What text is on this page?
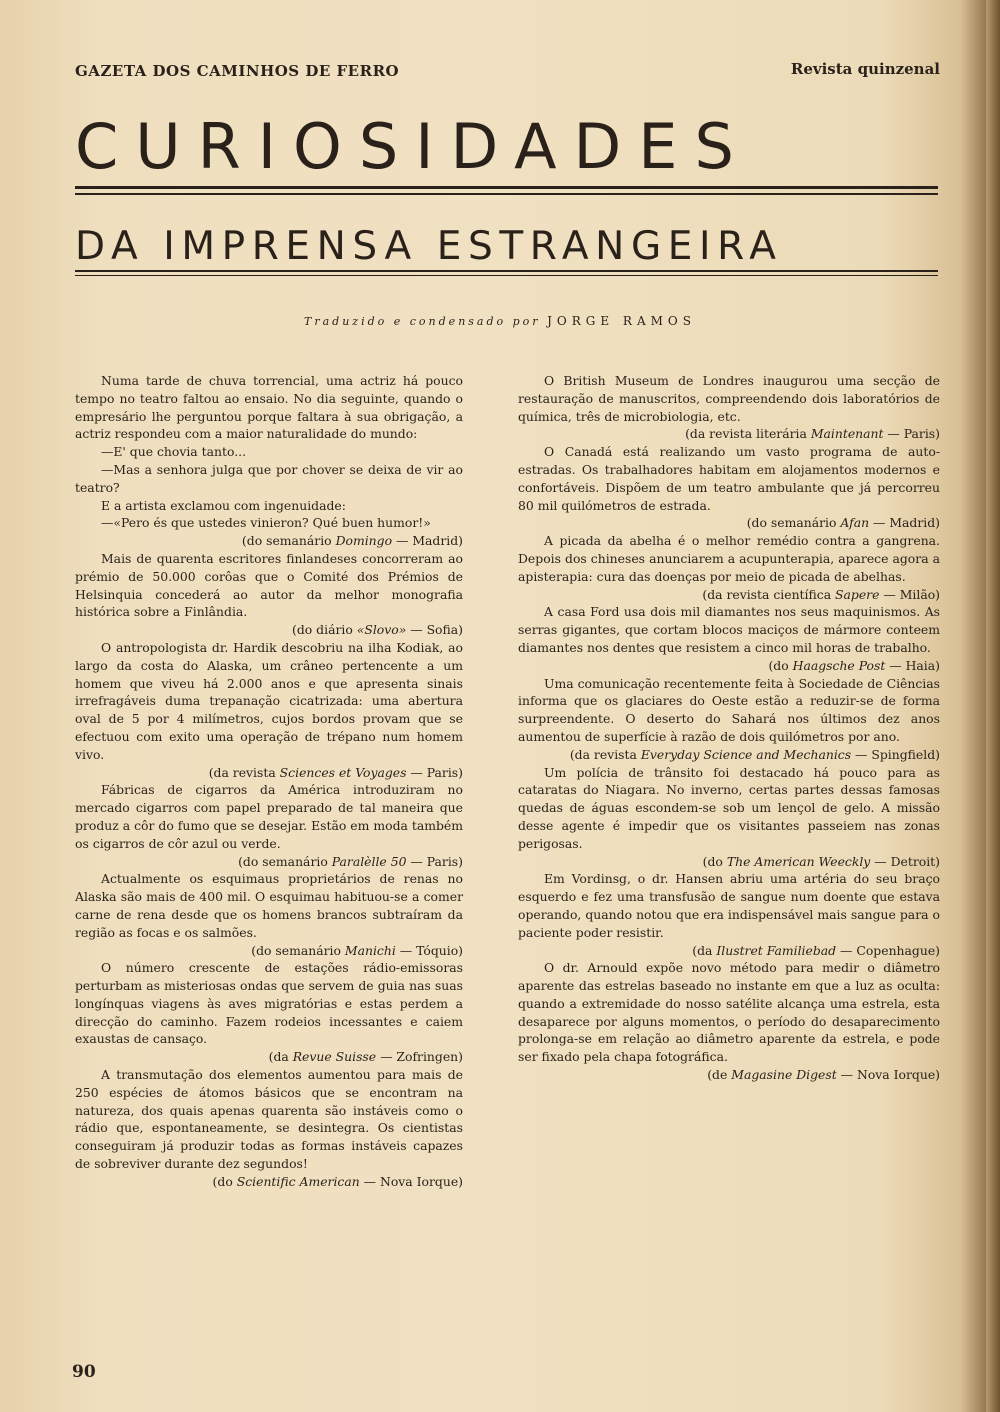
GAZETA DOS CAMINHOS DE FERRO	Revista quinzenal
CURIOSIDADES
DA IMPRENSA ESTRANGEIRA
Traduzido e condensado por JORGE RAMOS

Numa tarde de chuva torrencial, uma actriz há pouco tempo no teatro faltou ao ensaio. No dia seguinte, quando o empresário lhe perguntou porque faltara à sua obrigação, a actriz respondeu com a maior naturalidade do mundo:

—E' que chovia tanto...

—Mas a senhora julga que por chover se deixa de vir ao teatro?

E a artista exclamou com ingenuidade:

—«Pero és que ustedes vinieron? Qué buen humor!»

(do semanário Domingo — Madrid)

Mais de quarenta escritores finlandeses concorreram ao prémio de 50.000 corôas que o Comité dos Prémios de Helsinquia concederá ao autor da melhor monografia histórica sobre a Finlândia.

(do diário «Slovo» — Sofia)

O antropologista dr. Hardik descobriu na ilha Kodiak, ao largo da costa do Alaska, um crâneo pertencente a um homem que viveu há 2.000 anos e que apresenta sinais irrefragáveis duma trepanação cicatrizada: uma abertura oval de 5 por 4 milímetros, cujos bordos provam que se efectuou com exito uma operação de trépano num homem vivo.

(da revista Sciences et Voyages — Paris)

Fábricas de cigarros da América introduziram no mercado cigarros com papel preparado de tal maneira que produz a côr do fumo que se desejar. Estão em moda também os cigarros de côr azul ou verde.

(do semanário Paralèlle 50 — Paris)

Actualmente os esquimaus proprietários de renas no Alaska são mais de 400 mil. O esquimau habituou-se a comer carne de rena desde que os homens brancos subtraíram da região as focas e os salmões.

(do semanário Manichi — Tóquio)

O número crescente de estações rádio-emissoras perturbam as misteriosas ondas que servem de guia nas suas longínquas viagens às aves migratórias e estas perdem a direcção do caminho. Fazem rodeios incessantes e caiem exaustas de cansaço.

(da Revue Suisse — Zofringen)

A transmutação dos elementos aumentou para mais de 250 espécies de átomos básicos que se encontram na natureza, dos quais apenas quarenta são instáveis como o rádio que, espontaneamente, se desintegra. Os cientistas conseguiram já produzir todas as formas instáveis capazes de sobreviver durante dez segundos!

(do Scientific American — Nova Iorque)

O British Museum de Londres inaugurou uma secção de restauração de manuscritos, compreendendo dois laboratórios de química, três de microbiologia, etc.

(da revista literária Maintenant — Paris)

O Canadá está realizando um vasto programa de auto-estradas. Os trabalhadores habitam em alojamentos modernos e confortáveis. Dispõem de um teatro ambulante que já percorreu 80 mil quilómetros de estrada.

(do semanário Afan — Madrid)

A picada da abelha é o melhor remédio contra a gangrena. Depois dos chineses anunciarem a acupunterapia, aparece agora a apisterapia: cura das doenças por meio de picada de abelhas.

(da revista científica Sapere — Milão)

A casa Ford usa dois mil diamantes nos seus maquinismos. As serras gigantes, que cortam blocos maciços de mármore conteem diamantes nos dentes que resistem a cinco mil horas de trabalho.

(do Haagsche Post — Haia)

Uma comunicação recentemente feita à Sociedade de Ciências informa que os glaciares do Oeste estão a reduzir-se de forma surpreendente. O deserto do Sahará nos últimos dez anos aumentou de superfície à razão de dois quilómetros por ano.

(da revista Everyday Science and Mechanics — Spingfield)

Um polícia de trânsito foi destacado há pouco para as cataratas do Niagara. No inverno, certas partes dessas famosas quedas de águas escondem-se sob um lençol de gelo. A missão desse agente é impedir que os visitantes passeiem nas zonas perigosas.

(do The American Weeckly — Detroit)

Em Vordinsg, o dr. Hansen abriu uma artéria do seu braço esquerdo e fez uma transfusão de sangue num doente que estava operando, quando notou que era indispensável mais sangue para o paciente poder resistir.

(da Ilustret Familiebad — Copenhague)

O dr. Arnould expõe novo método para medir o diâmetro aparente das estrelas baseado no instante em que a luz as oculta: quando a extremidade do nosso satélite alcança uma estrela, esta desaparece por alguns momentos, o período do desaparecimento prolonga-se em relação ao diâmetro aparente da estrela, e pode ser fixado pela chapa fotográfica.

(de Magasine Digest — Nova Iorque)

90
